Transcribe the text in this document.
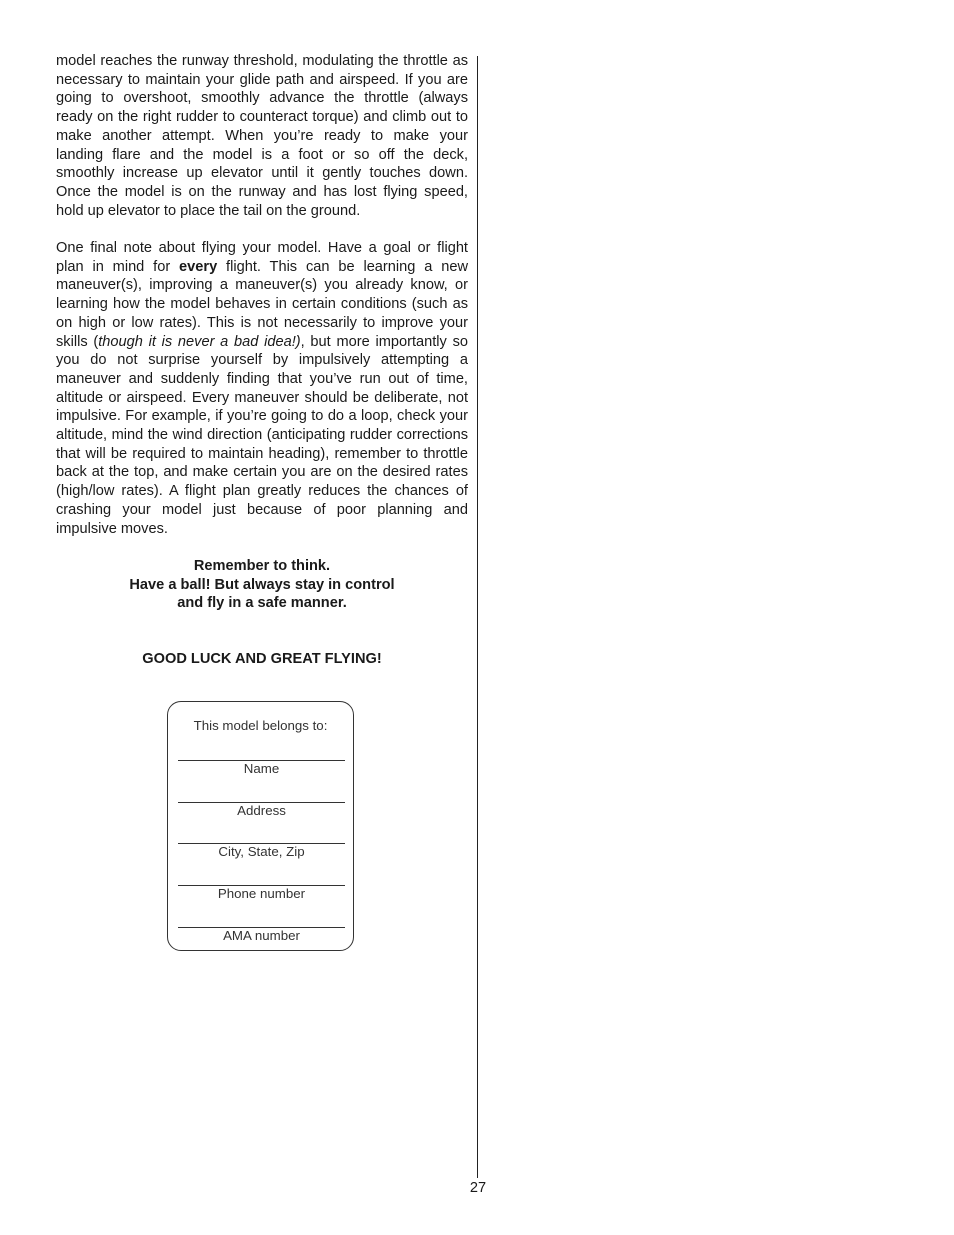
model reaches the runway threshold, modulating the throttle as necessary to maintain your glide path and airspeed. If you are going to overshoot, smoothly advance the throttle (always ready on the right rudder to counteract torque) and climb out to make another attempt. When you’re ready to make your landing flare and the model is a foot or so off the deck, smoothly increase up elevator until it gently touches down. Once the model is on the runway and has lost flying speed, hold up elevator to place the tail on the ground.

One final note about flying your model. Have a goal or flight plan in mind for every flight. This can be learning a new maneuver(s), improving a maneuver(s) you already know, or learning how the model behaves in certain conditions (such as on high or low rates). This is not necessarily to improve your skills (though it is never a bad idea!), but more importantly so you do not surprise yourself by impulsively attempting a maneuver and suddenly finding that you’ve run out of time, altitude or airspeed. Every maneuver should be deliberate, not impulsive. For example, if you’re going to do a loop, check your altitude, mind the wind direction (anticipating rudder corrections that will be required to maintain heading), remember to throttle back at the top, and make certain you are on the desired rates (high/low rates). A flight plan greatly reduces the chances of crashing your model just because of poor planning and impulsive moves.

Remember to think.
Have a ball! But always stay in control
and fly in a safe manner.
GOOD LUCK AND GREAT FLYING!
This model belongs to:
Name
Address
City, State, Zip
Phone number
AMA number
27
